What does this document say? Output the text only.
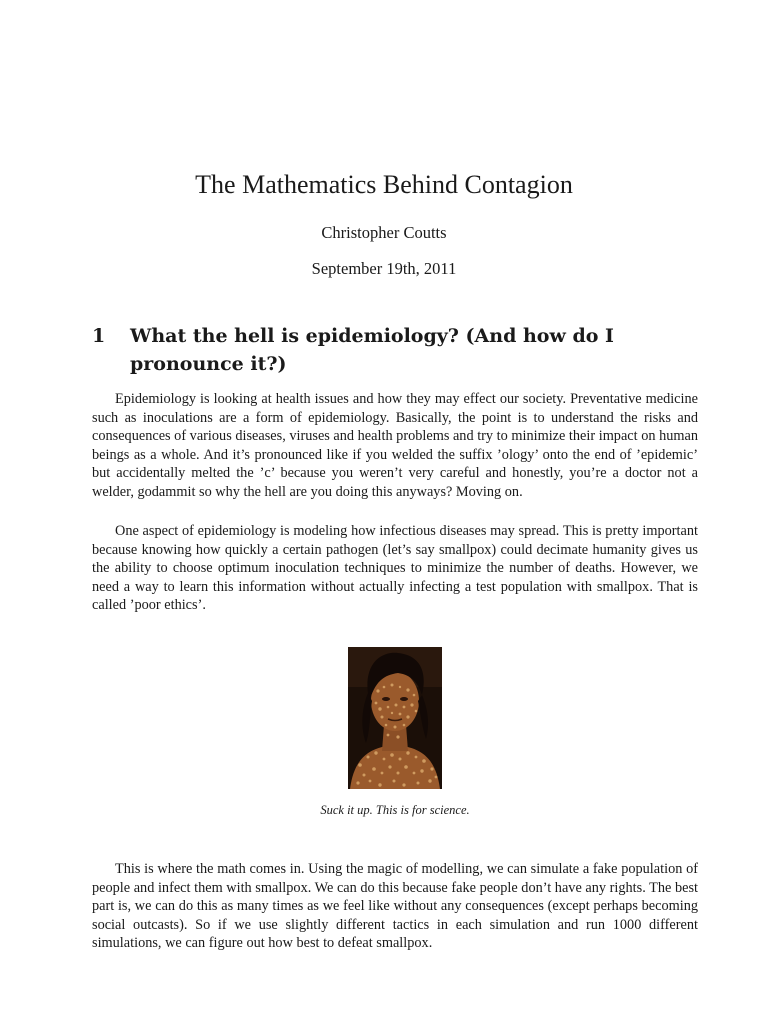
The Mathematics Behind Contagion
Christopher Coutts
September 19th, 2011
1	What the hell is epidemiology? (And how do I pronounce it?)

Epidemiology is looking at health issues and how they may effect our society. Preventative medicine such as inoculations are a form of epidemiology. Basically, the point is to understand the risks and consequences of various diseases, viruses and health problems and try to minimize their impact on human beings as a whole. And it’s pronounced like if you welded the suffix ’ology’ onto the end of ’epidemic’ but accidentally melted the ’c’ because you weren’t very careful and honestly, you’re a doctor not a welder, godammit so why the hell are you doing this anyways? Moving on.

One aspect of epidemiology is modeling how infectious diseases may spread. This is pretty important because knowing how quickly a certain pathogen (let’s say smallpox) could decimate humanity gives us the ability to choose optimum inoculation techniques to minimize the number of deaths. However, we need a way to learn this information without actually infecting a test population with smallpox. That is called ’poor ethics’.

Suck it up. This is for science.

This is where the math comes in. Using the magic of modelling, we can simulate a fake population of people and infect them with smallpox. We can do this because fake people don’t have any rights. The best part is, we can do this as many times as we feel like without any consequences (except perhaps becoming social outcasts). So if we use slightly different tactics in each simulation and run 1000 different simulations, we can figure out how best to defeat smallpox.
